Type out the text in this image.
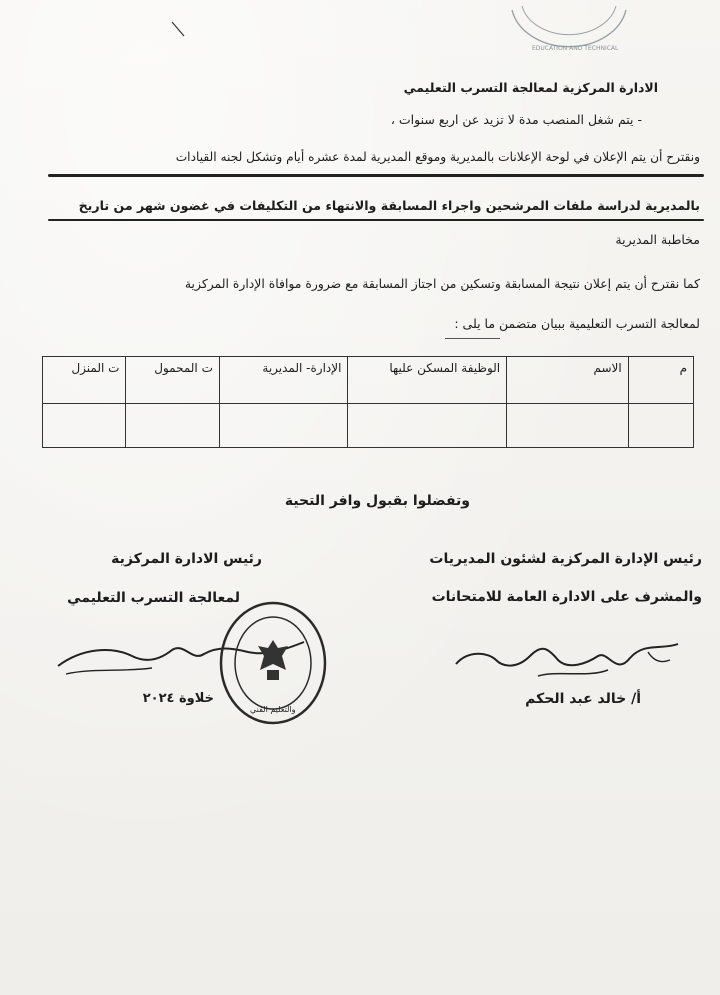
EDUCATION AND TECHNICAL
الادارة المركزية لمعالجة التسرب التعليمي
- يتم شغل المنصب مدة لا تزيد عن اربع سنوات ،
ونقترح أن يتم الإعلان في لوحة الإعلانات بالمديرية وموقع المديرية لمدة عشره أيام وتشكل لجنه القيادات
بالمديرية لدراسة ملفات المرشحين واجراء المسابقة والانتهاء من التكليفات في غضون شهر من تاريخ
مخاطبة المديرية
كما نقترح أن يتم إعلان نتيجة المسابقة وتسكين من اجتاز المسابقة مع ضرورة موافاة الإدارة المركزية
لمعالجة التسرب التعليمية ببيان متضمن ما يلى :
م	الاسم	الوظيفة المسكن عليها	الإدارة- المديرية	ت المحمول	ت المنزل

وتفضلوا بقبول وافر التحية
رئيس الإدارة المركزية لشئون المديريات
والمشرف على الادارة العامة للامتحانات
أ/ خالد عبد الحكم
رئيس الادارة المركزية
لمعالجة التسرب التعليمي
خلاوة ٢٠٢٤
والتعليم الفني
